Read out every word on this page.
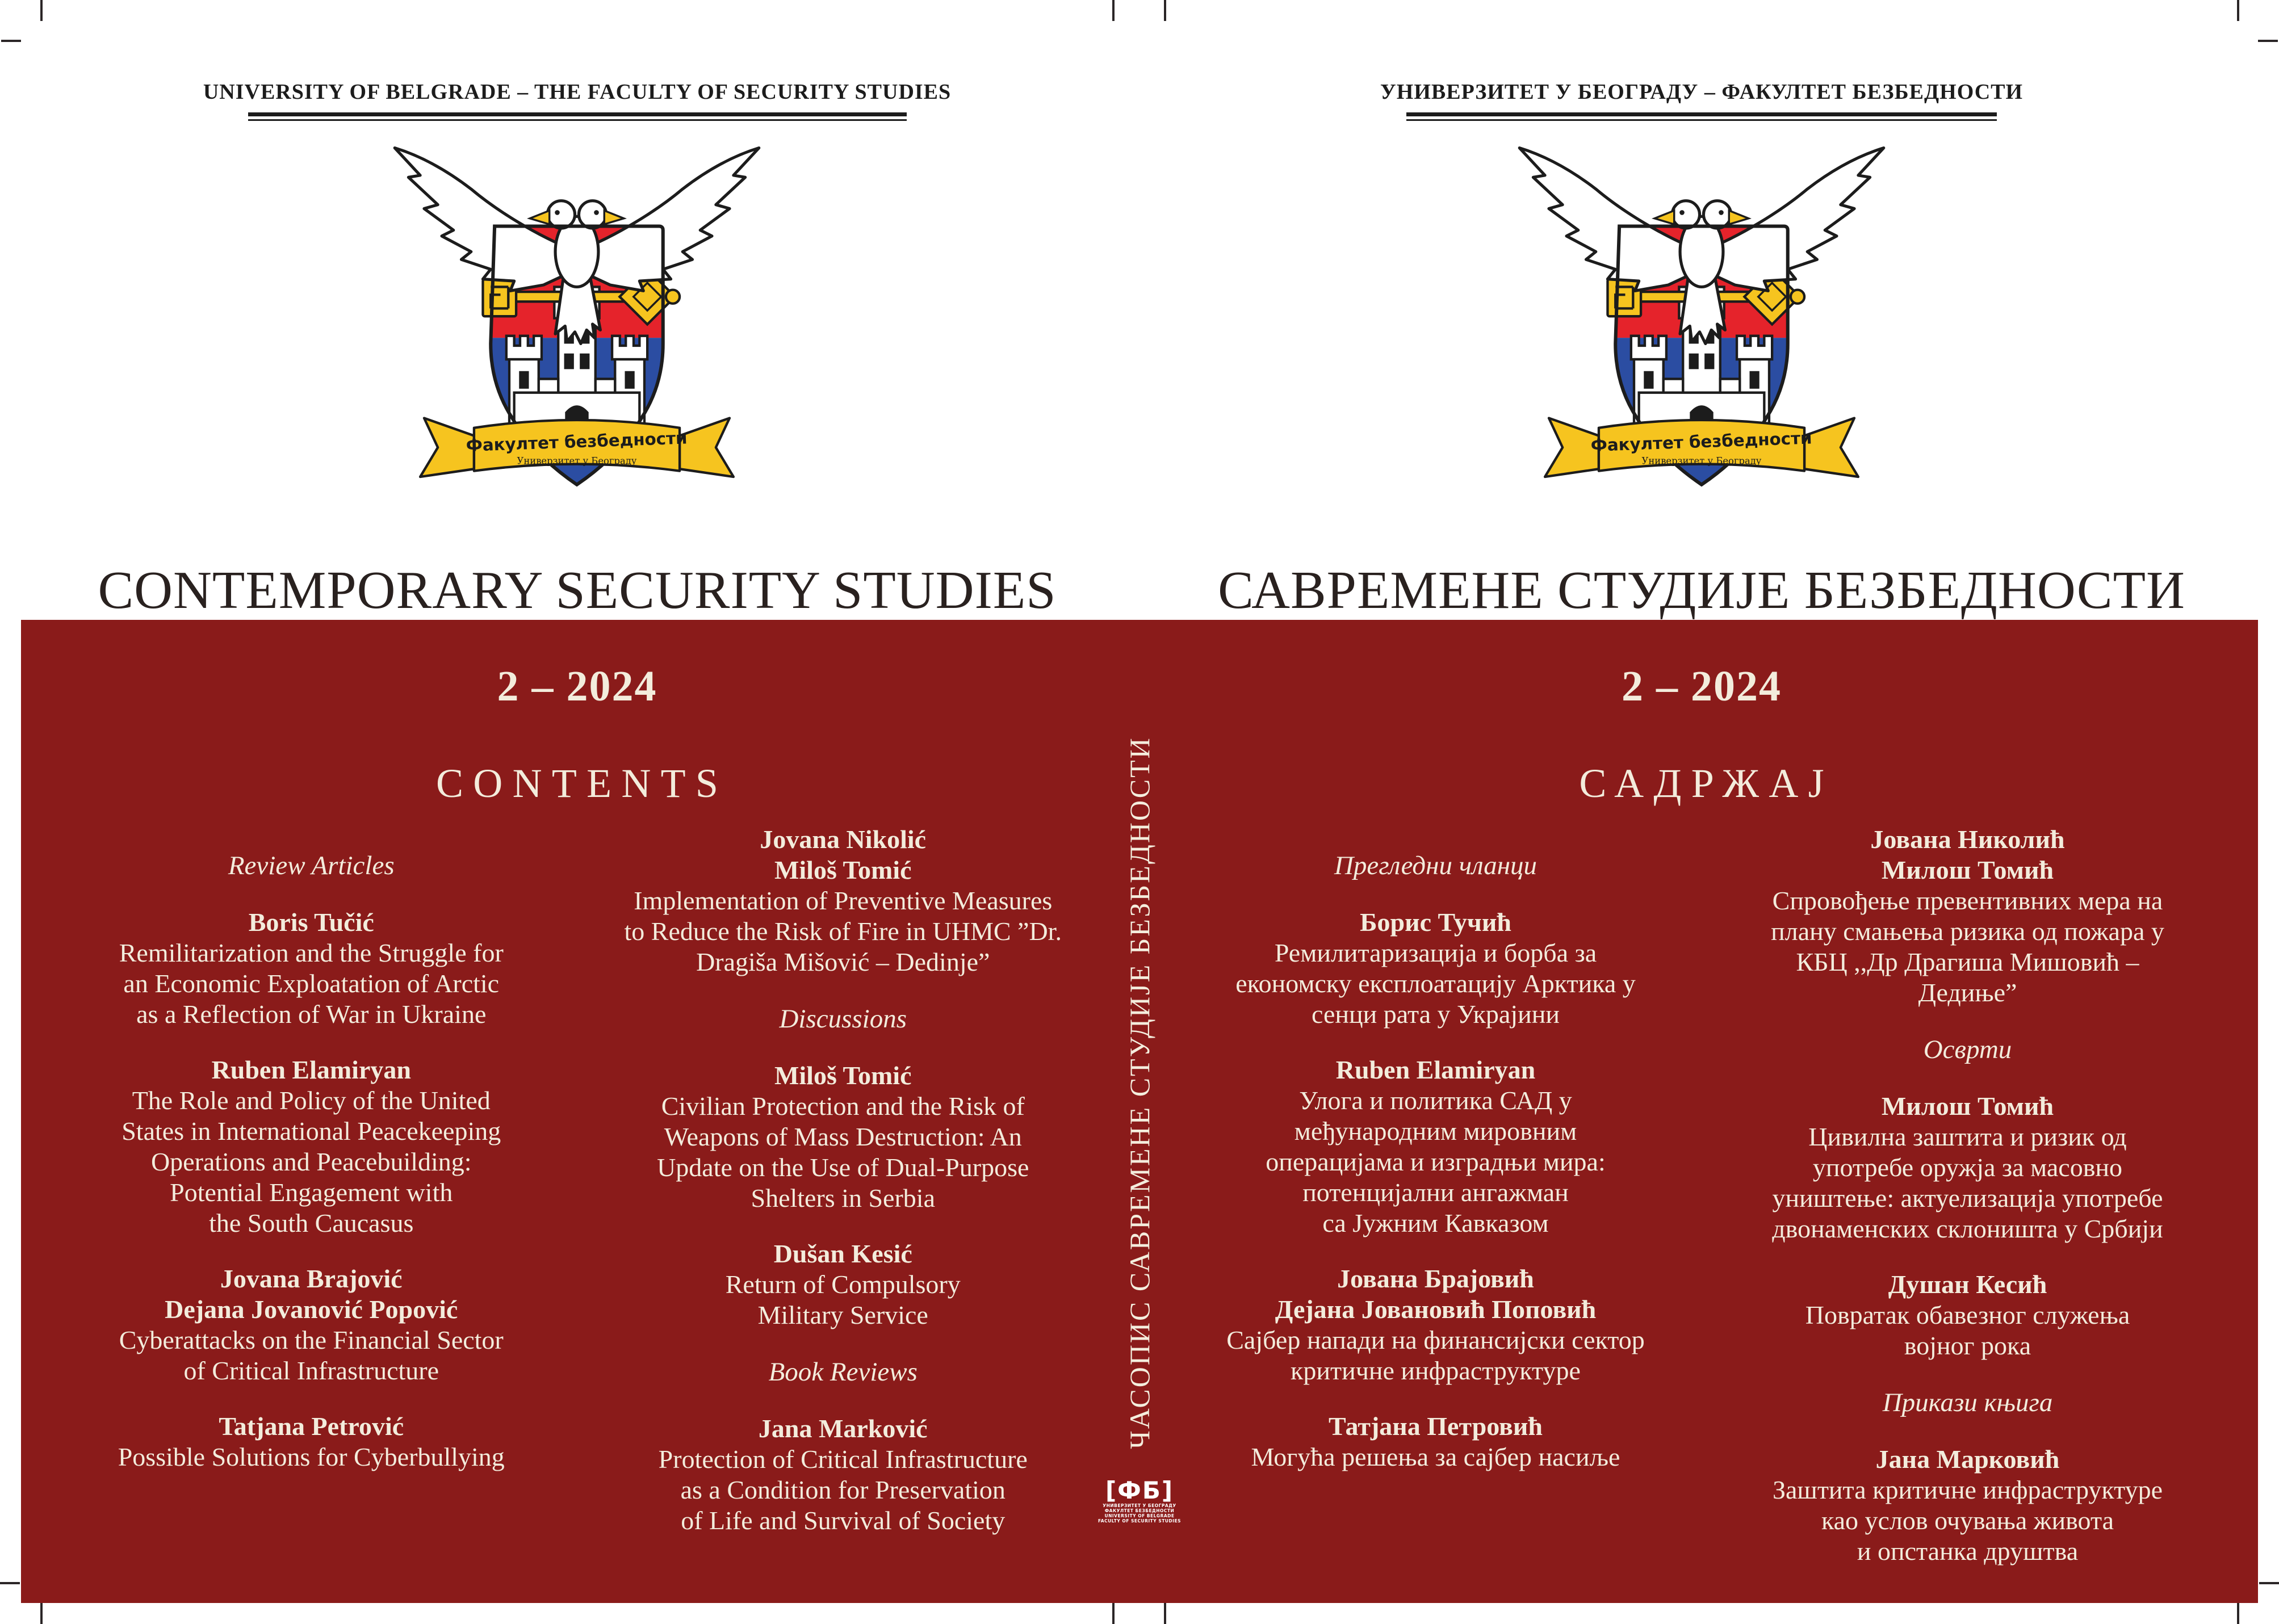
UNIVERSITY OF BELGRADE – THE FACULTY OF SECURITY STUDIES
CONTEMPORARY SECURITY STUDIES
УНИВЕРЗИТЕТ У БЕОГРАДУ – ФАКУЛТЕТ БЕЗБЕДНОСТИ
САВРЕМЕНЕ СТУДИЈЕ БЕЗБЕДНОСТИ
2 – 2024
CONTENTS
Review Articles
Boris Tučić
Remilitarization and the Struggle for
an Economic Exploatation of Arctic
as a Reflection of War in Ukraine
Ruben Elamiryan
The Role and Policy of the United
States in International Peacekeeping
Operations and Peacebuilding:
Potential Engagement with
the South Caucasus
Jovana Brajović
Dejana Jovanović Popović
Cyberattacks on the Financial Sector
of Critical Infrastructure
Tatjana Petrović
Possible Solutions for Cyberbullying
Jovana Nikolić
Miloš Tomić
Implementation of Preventive Measures
to Reduce the Risk of Fire in UHMC ”Dr.
Dragiša Mišović – Dedinje”
Discussions
Miloš Tomić
Civilian Protection and the Risk of
Weapons of Mass Destruction: An
Update on the Use of Dual-Purpose
Shelters in Serbia
Dušan Kesić
Return of Compulsory
Military Service
Book Reviews
Jana Marković
Protection of Critical Infrastructure
as a Condition for Preservation
of Life and Survival of Society
2 – 2024
САДРЖАЈ
Прегледни чланци
Борис Тучић
Ремилитаризација и борба за
економску експлоатацију Арктика у
сенци рата у Украјини
Ruben Elamiryan
Улога и политика САД у
међународним мировним
операцијама и изградњи мира:
потенцијални ангажман
са Јужним Кавказом
Јована Брајовић
Дејана Јовановић Поповић
Сајбер напади на финансијски сектор
критичне инфраструктуре
Татјана Петровић
Могућа решења за сајбер насиље
Јована Николић
Милош Томић
Спровођење превентивних мера на
плану смањења ризика од пожара у
КБЦ ,,Др Драгиша Мишовић –
Дедиње”
Осврти
Милош Томић
Цивилна заштита и ризик од
употребе оружја за масовно
уништење: актуелизација употребе
двонаменских склоништа у Србији
Душан Кесић
Повратак обавезног служења
војног рока
Прикази књига
Јана Марковић
Заштита критичне инфраструктуре
као услов очувања живота
и опстанка друштва
ЧАСОПИС САВРЕМЕНЕ СТУДИЈЕ БЕЗБЕДНОСТИ
[ФБ]
УНИВЕРЗИТЕТ У БЕОГРАДУ
ФАКУЛТЕТ БЕЗБЕДНОСТИ
UNIVERSITY OF BELGRADE
FACULTY OF SECURITY STUDIES
